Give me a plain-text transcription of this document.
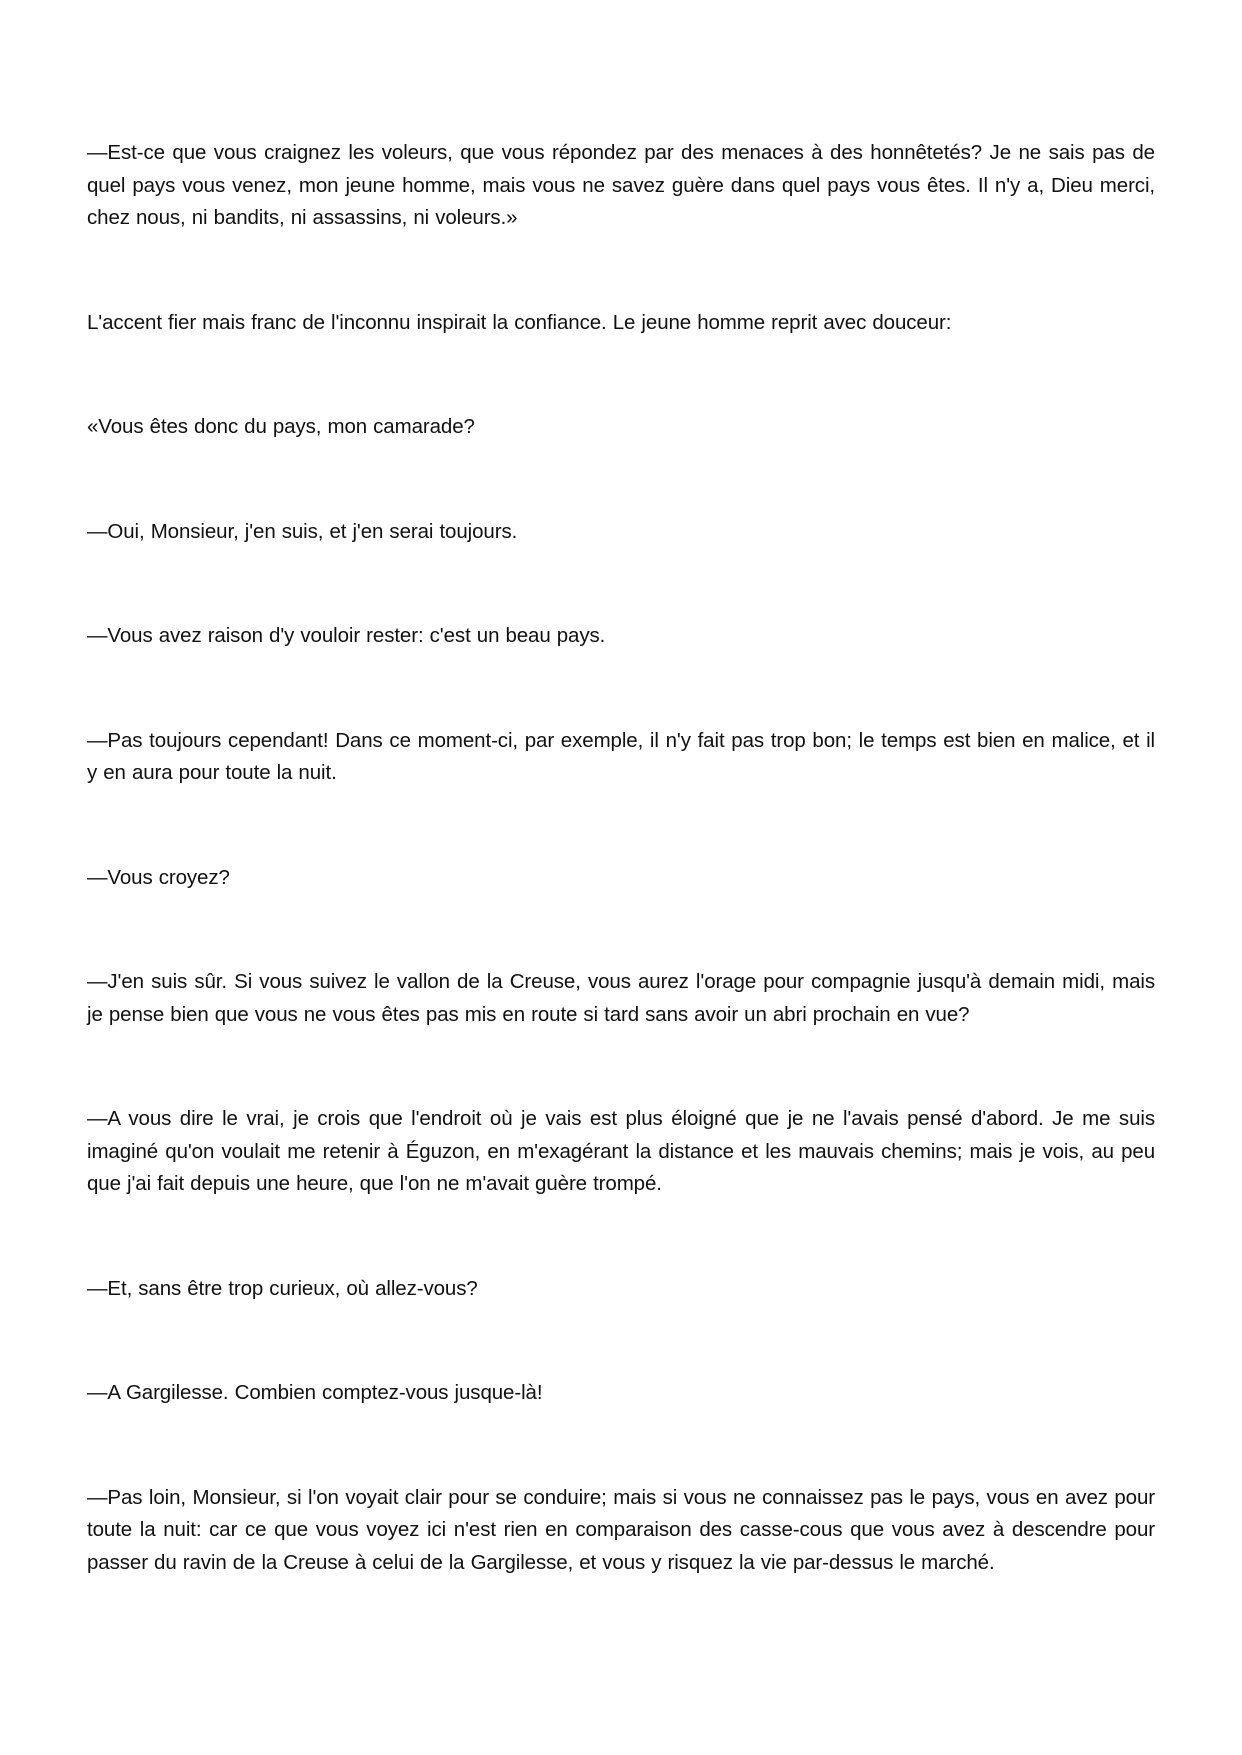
—Est-ce que vous craignez les voleurs, que vous répondez par des menaces à des honnêtetés? Je ne sais pas de quel pays vous venez, mon jeune homme, mais vous ne savez guère dans quel pays vous êtes. Il n'y a, Dieu merci, chez nous, ni bandits, ni assassins, ni voleurs.»

L'accent fier mais franc de l'inconnu inspirait la confiance. Le jeune homme reprit avec douceur:

«Vous êtes donc du pays, mon camarade?

—Oui, Monsieur, j'en suis, et j'en serai toujours.

—Vous avez raison d'y vouloir rester: c'est un beau pays.

—Pas toujours cependant! Dans ce moment-ci, par exemple, il n'y fait pas trop bon; le temps est bien en malice, et il y en aura pour toute la nuit.

—Vous croyez?

—J'en suis sûr. Si vous suivez le vallon de la Creuse, vous aurez l'orage pour compagnie jusqu'à demain midi, mais je pense bien que vous ne vous êtes pas mis en route si tard sans avoir un abri prochain en vue?

—A vous dire le vrai, je crois que l'endroit où je vais est plus éloigné que je ne l'avais pensé d'abord. Je me suis imaginé qu'on voulait me retenir à Éguzon, en m'exagérant la distance et les mauvais chemins; mais je vois, au peu que j'ai fait depuis une heure, que l'on ne m'avait guère trompé.

—Et, sans être trop curieux, où allez-vous?

—A Gargilesse. Combien comptez-vous jusque-là!

—Pas loin, Monsieur, si l'on voyait clair pour se conduire; mais si vous ne connaissez pas le pays, vous en avez pour toute la nuit: car ce que vous voyez ici n'est rien en comparaison des casse-cous que vous avez à descendre pour passer du ravin de la Creuse à celui de la Gargilesse, et vous y risquez la vie par-dessus le marché.
